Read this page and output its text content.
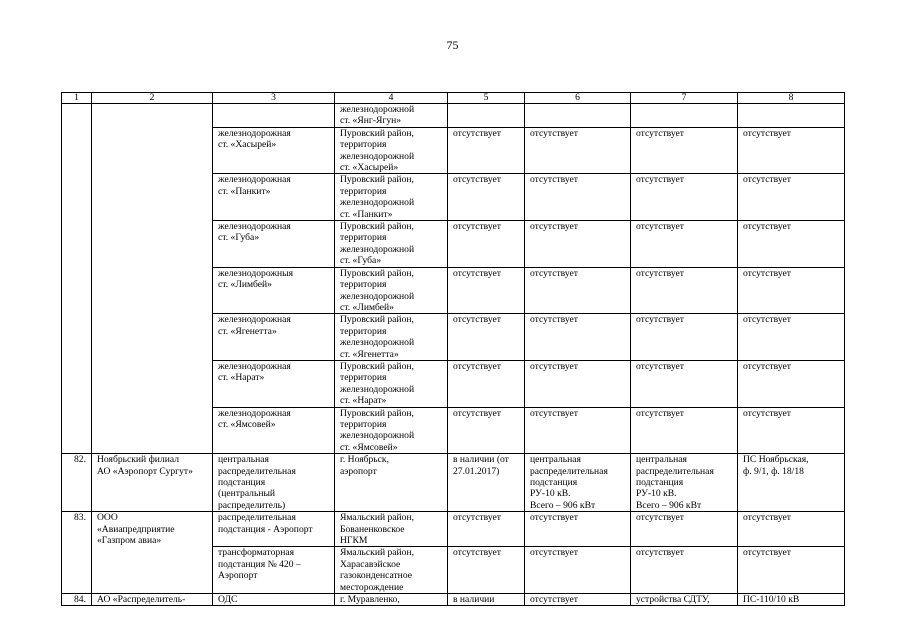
75
1	2	3	4	5	6	7	8
			железнодорожной
ст. «Янг-Ягун»				
		железнодорожная
ст. «Хасырей»	Пуровский район,
территория
железнодорожной
ст. «Хасырей»	отсутствует	отсутствует	отсутствует	отсутствует
		железнодорожная
ст. «Панкит»	Пуровский район,
территория
железнодорожной
ст. «Панкит»	отсутствует	отсутствует	отсутствует	отсутствует
		железнодорожная
ст. «Губа»	Пуровский район,
территория
железнодорожной
ст. «Губа»	отсутствует	отсутствует	отсутствует	отсутствует
		железнодорожныя
ст. «Лимбей»	Пуровский район,
территория
железнодорожной
ст. «Лимбей»	отсутствует	отсутствует	отсутствует	отсутствует
		железнодорожная
ст. «Ягенетта»	Пуровский район,
территория
железнодорожной
ст. «Ягенетта»	отсутствует	отсутствует	отсутствует	отсутствует
		железнодорожная
ст. «Нарат»	Пуровский район,
территория
железнодорожной
ст. «Нарат»	отсутствует	отсутствует	отсутствует	отсутствует
		железнодорожная
ст. «Ямсовей»	Пуровский район,
территория
железнодорожной
ст. «Ямсовей»	отсутствует	отсутствует	отсутствует	отсутствует
82.	Ноябрьский филиал
АО «Аэропорт Сургут»	центральная
распределительная
подстанция
(центральный
распределитель)	г. Ноябрьск,
аэропорт	в наличии (от
27.01.2017)	центральная
распределительная
подстанция
РУ-10 кВ.
Всего – 906 кВт	центральная
распределительная
подстанция
РУ-10 кВ.
Всего – 906 кВт	ПС Ноябрьская,
ф. 9/1, ф. 18/18
83.	ООО
«Авиапредприятие
«Газпром авиа»	распределительная
подстанция - Аэропорт	Ямальский район,
Бованенковское
НГКМ	отсутствует	отсутствует	отсутствует	отсутствует
		трансформаторная
подстанция № 420 –
Аэропорт	Ямальский район,
Харасавэйское
газоконденсатное
месторождение	отсутствует	отсутствует	отсутствует	отсутствует
84.	АО «Распределитель-	ОДС	г. Муравленко,	в наличии	отсутствует	устройства СДТУ,	ПС-110/10 кВ
